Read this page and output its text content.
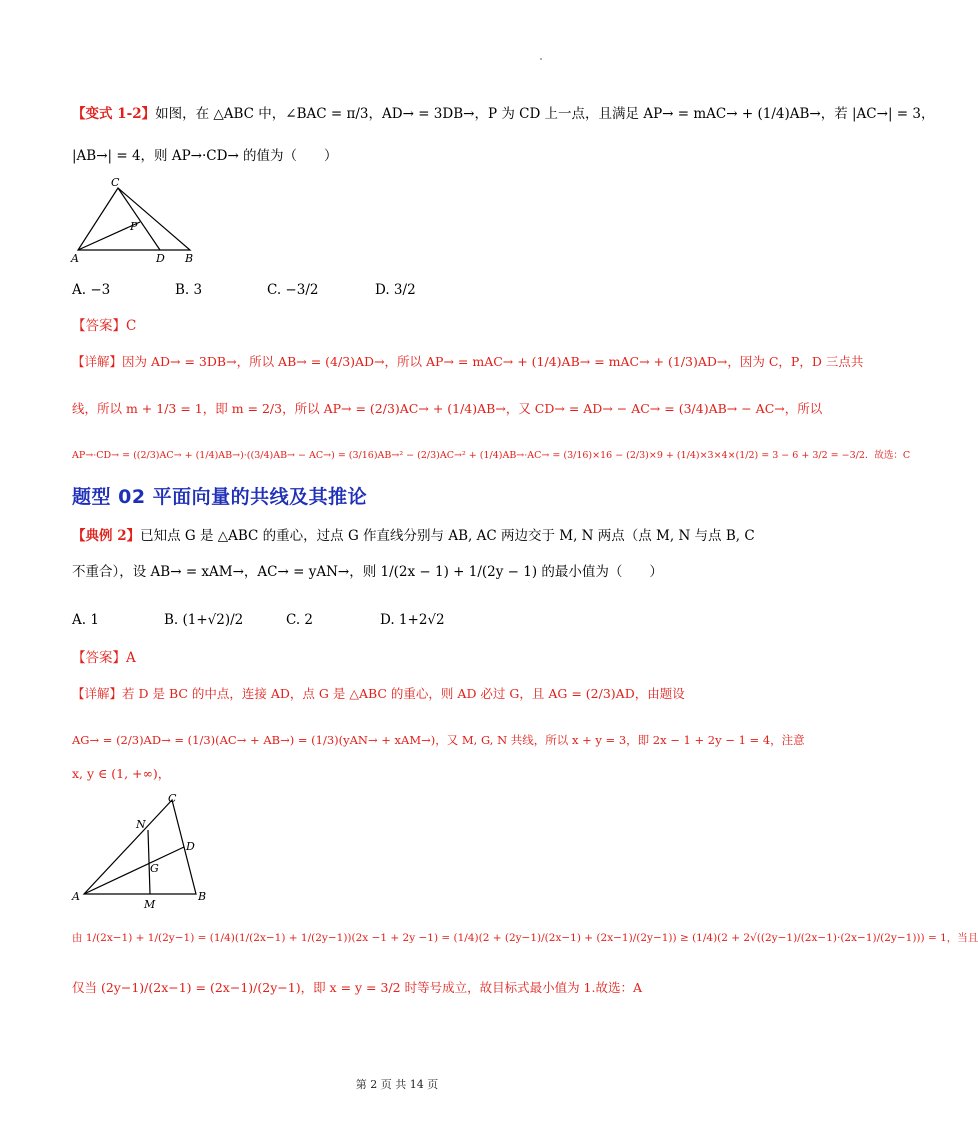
【变式 1-2】如图，在 △ABC 中，∠BAC = π/3，AD→ = 3DB→，P 为 CD 上一点，且满足 AP→ = mAC→ + (1/4)AB→，若 |AC→| = 3，
|AB→| = 4，则 AP→·CD→ 的值为（　　）
C
P
A	D B
A. −3	B. 3	C. −3/2	D. 3/2
【答案】C
【详解】因为 AD→ = 3DB→，所以 AB→ = (4/3)AD→，所以 AP→ = mAC→ + (1/4)AB→ = mAC→ + (1/3)AD→，因为 C，P，D 三点共
线，所以 m + 1/3 = 1，即 m = 2/3，所以 AP→ = (2/3)AC→ + (1/4)AB→，又 CD→ = AD→ − AC→ = (3/4)AB→ − AC→，所以
AP→·CD→ = ((2/3)AC→ + (1/4)AB→)·((3/4)AB→ − AC→) = (3/16)AB→² − (2/3)AC→² + (1/4)AB→·AC→ = (3/16)×16 − (2/3)×9 + (1/4)×3×4×(1/2) = 3 − 6 + 3/2 = −3/2．故选：C
题型 02 平面向量的共线及其推论
【典例 2】已知点 G 是 △ABC 的重心，过点 G 作直线分别与 AB, AC 两边交于 M, N 两点（点 M, N 与点 B, C
不重合），设 AB→ = xAM→，AC→ = yAN→，则 1/(2x − 1) + 1/(2y − 1) 的最小值为（　　）
A. 1	B. (1+√2)/2	C. 2	D. 1+2√2
【答案】A
【详解】若 D 是 BC 的中点，连接 AD，点 G 是 △ABC 的重心，则 AD 必过 G，且 AG = (2/3)AD，由题设
AG→ = (2/3)AD→ = (1/3)(AC→ + AB→) = (1/3)(yAN→ + xAM→)，又 M, G, N 共线，所以 x + y = 3，即 2x − 1 + 2y − 1 = 4，注意
x, y ∈ (1, +∞)，
C
N
D
G
A
M
B
由 1/(2x−1) + 1/(2y−1) = (1/4)(1/(2x−1) + 1/(2y−1))(2x −1 + 2y −1) = (1/4)(2 + (2y−1)/(2x−1) + (2x−1)/(2y−1)) ≥ (1/4)(2 + 2√((2y−1)/(2x−1)·(2x−1)/(2y−1))) = 1，当且
仅当 (2y−1)/(2x−1) = (2x−1)/(2y−1)，即 x = y = 3/2 时等号成立，故目标式最小值为 1.故选：A
第 2 页 共 14 页
